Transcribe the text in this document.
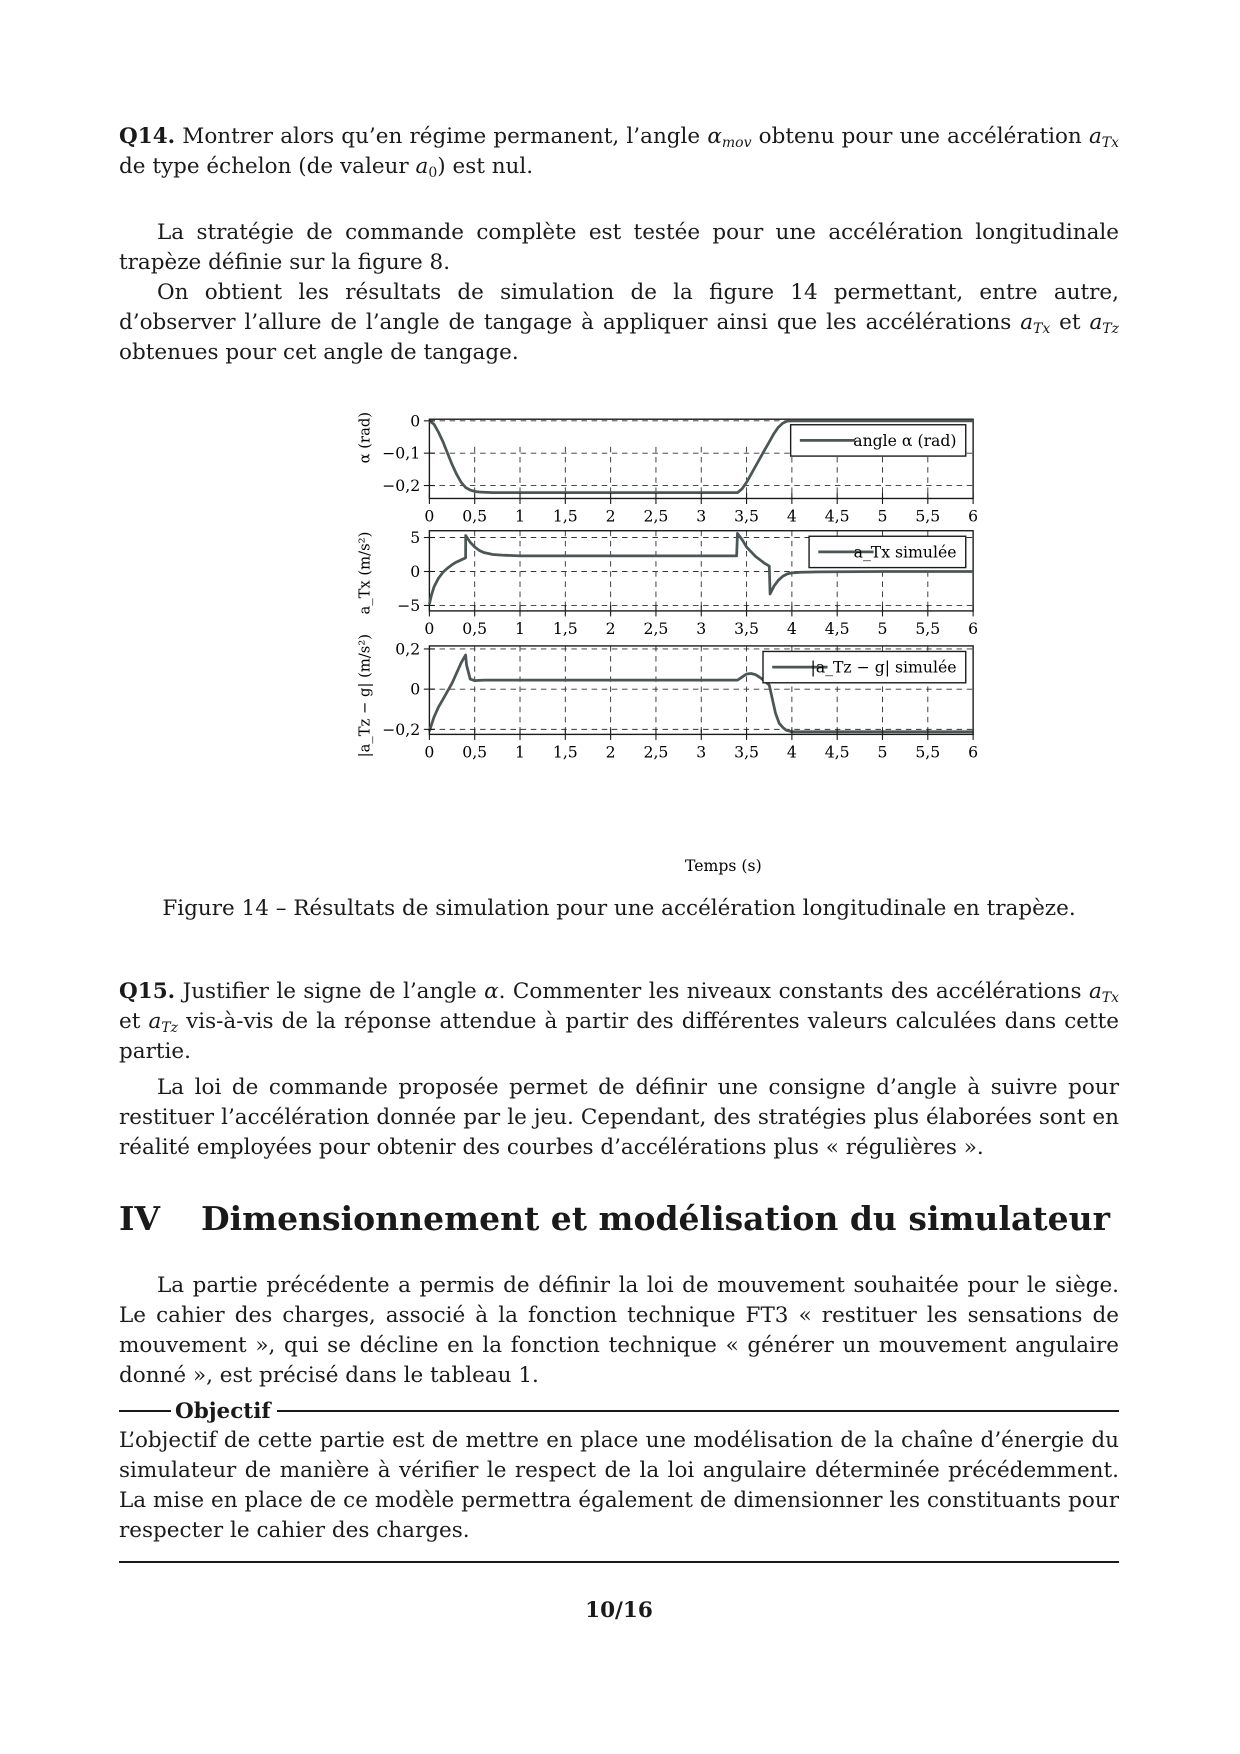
Q14. Montrer alors qu’en régime permanent, l’angle $\alpha_{mov}$ obtenu pour une accélération $a_{Tx}$ de type échelon (de valeur $a_0$) est nul.

La stratégie de commande complète est testée pour une accélération longitudinale trapèze définie sur la figure 8.

On obtient les résultats de simulation de la figure 14 permettant, entre autre, d’observer l’allure de l’angle de tangage à appliquer ainsi que les accélérations $a_{Tx}$ et $a_{Tz}$ obtenues pour cet angle de tangage.

0
−0,1
−0,2
0 0,5 1 1,5 2 2,5 3 3,5 4 4,5 5 5,5 6
α (rad)	angle α (rad)
5
0
−5
0 0,5 1 1,5 2 2,5 3 3,5 4 4,5 5 5,5 6
a_Tx (m/s²)	a_Tx simulée
0,2
0
−0,2
0 0,5 1 1,5 2 2,5 3 3,5 4 4,5 5 5,5 6
|a_Tz − g| (m/s²)	|a_Tz − g| simulée
Temps (s)
Figure 14 – Résultats de simulation pour une accélération longitudinale en trapèze.

Q15. Justifier le signe de l’angle α. Commenter les niveaux constants des accélérations $a_{Tx}$ et $a_{Tz}$ vis-à-vis de la réponse attendue à partir des différentes valeurs calculées dans cette partie.

La loi de commande proposée permet de définir une consigne d’angle à suivre pour restituer l’accélération donnée par le jeu. Cependant, des stratégies plus élaborées sont en réalité employées pour obtenir des courbes d’accélérations plus « régulières ».

IV Dimensionnement et modélisation du simulateur

La partie précédente a permis de définir la loi de mouvement souhaitée pour le siège. Le cahier des charges, associé à la fonction technique FT3 « restituer les sensations de mouvement », qui se décline en la fonction technique « générer un mouvement angulaire donné », est précisé dans le tableau 1.

Objectif

L’objectif de cette partie est de mettre en place une modélisation de la chaîne d’énergie du simulateur de manière à vérifier le respect de la loi angulaire déterminée précédemment. La mise en place de ce modèle permettra également de dimensionner les constituants pour respecter le cahier des charges.

10/16
